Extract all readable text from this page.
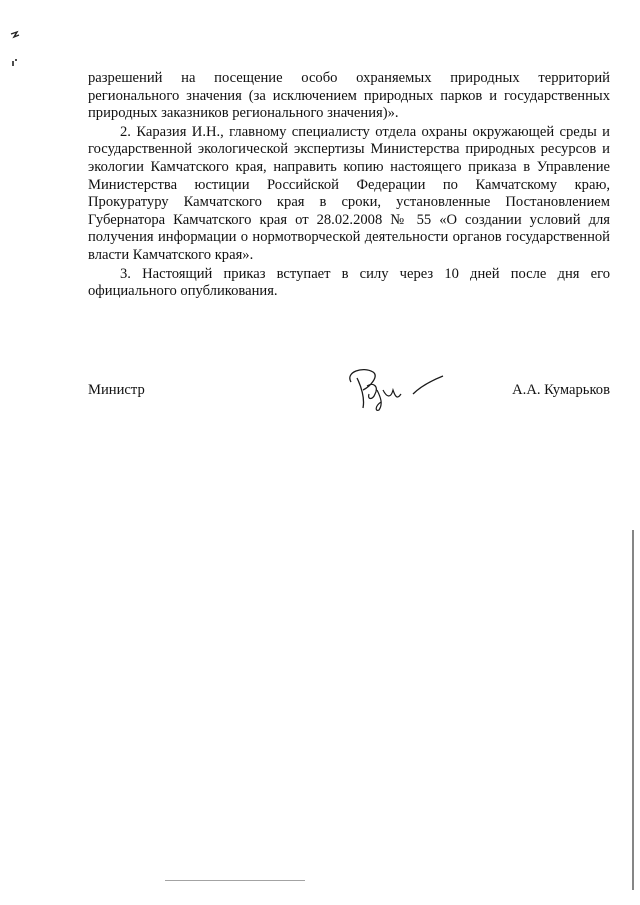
разрешений на посещение особо охраняемых природных территорий регионального значения (за исключением природных парков и государственных природных заказников регионального значения)».

2. Каразия И.Н., главному специалисту отдела охраны окружающей среды и государственной экологической экспертизы Министерства природных ресурсов и экологии Камчатского края, направить копию настоящего приказа в Управление Министерства юстиции Российской Федерации по Камчатскому краю, Прокуратуру Камчатского края в сроки, установленные Постановлением Губернатора Камчатского края от 28.02.2008 № 55 «О создании условий для получения информации о нормотворческой деятельности органов государственной власти Камчатского края».

3. Настоящий приказ вступает в силу через 10 дней после дня его официального опубликования.

Министр	А.А. Кумарьков
